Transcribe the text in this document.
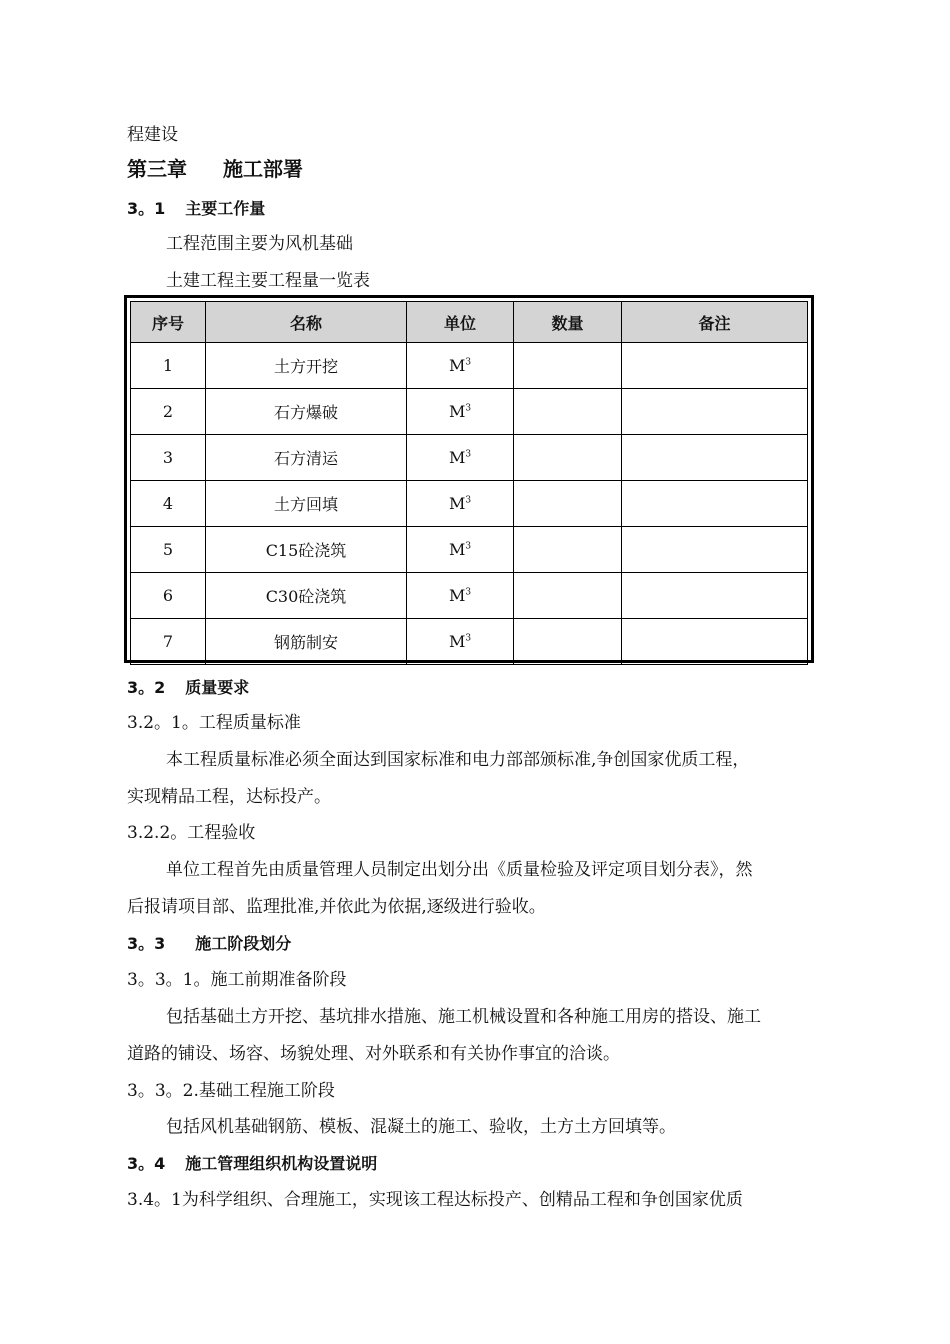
程建设
第三章 施工部署
3。1 主要工作量
工程范围主要为风机基础
土建工程主要工程量一览表
序号	名称	单位	数量	备注
1	土方开挖	$M^3$		
2	石方爆破	$M^3$		
3	石方清运	$M^3$		
4	土方回填	$M^3$		
5	C15砼浇筑	$M^3$		
6	C30砼浇筑	$M^3$		
7	钢筋制安	$M^3$		
3。2 质量要求
3.2。1。工程质量标准
本工程质量标准必须全面达到国家标准和电力部部颁标准,争创国家优质工程，
实现精品工程，达标投产。
3.2.2。工程验收
单位工程首先由质量管理人员制定出划分出《质量检验及评定项目划分表》，然
后报请项目部、监理批准,并依此为依据,逐级进行验收。
3。3 施工阶段划分
3。3。1。施工前期准备阶段
包括基础土方开挖、基坑排水措施、施工机械设置和各种施工用房的搭设、施工
道路的铺设、场容、场貌处理、对外联系和有关协作事宜的洽谈。
3。3。2.基础工程施工阶段
包括风机基础钢筋、模板、混凝土的施工、验收，土方土方回填等。
3。4 施工管理组织机构设置说明
3.4。1为科学组织、合理施工，实现该工程达标投产、创精品工程和争创国家优质
